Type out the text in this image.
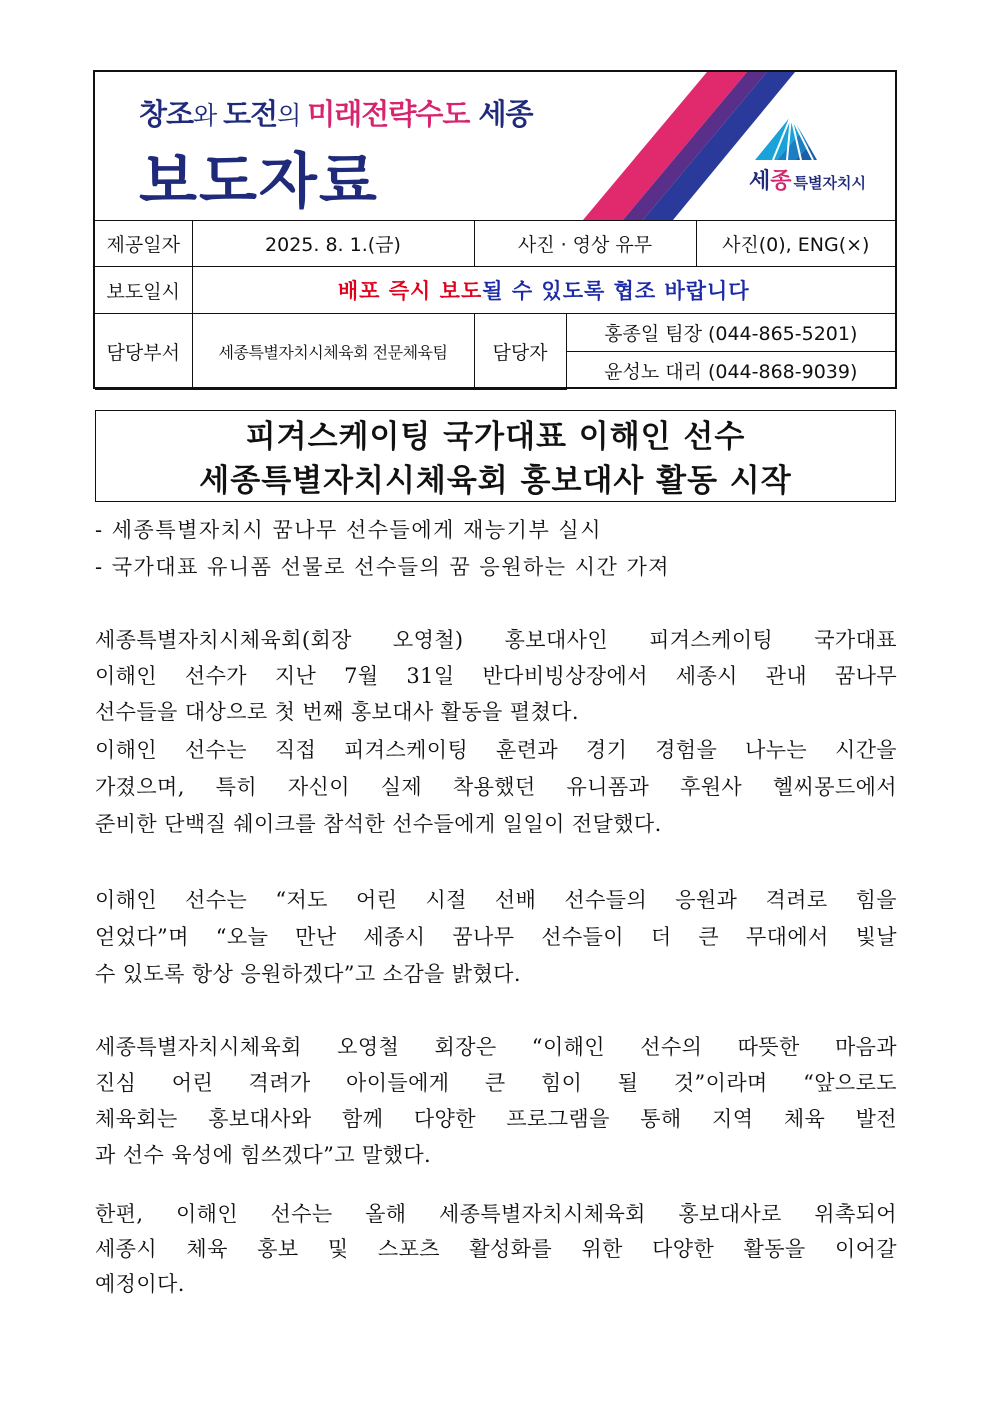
창조와 도전의 미래전략수도 세종
보도자료	세종 특별자치시
제공일자	2025. 8. 1.(금)	사진 · 영상 유무		사진(0), ENG(×)
보도일시	배포 즉시 보도될 수 있도록 협조 바랍니다			
담당부서	세종특별자치시체육회 전문체육팀	담당자	홍종일 팀장 (044-865-5201)	
			윤성노 대리 (044-868-9039)	
피겨스케이팅 국가대표 이해인 선수
세종특별자치시체육회 홍보대사 활동 시작
- 세종특별자치시 꿈나무 선수들에게 재능기부 실시
- 국가대표 유니폼 선물로 선수들의 꿈 응원하는 시간 가져
세종특별자치시체육회(회장 오영철) 홍보대사인 피겨스케이팅 국가대표
이해인 선수가 지난 7월 31일 반다비빙상장에서 세종시 관내 꿈나무
선수들을 대상으로 첫 번째 홍보대사 활동을 펼쳤다.
이해인 선수는 직접 피겨스케이팅 훈련과 경기 경험을 나누는 시간을
가졌으며, 특히 자신이 실제 착용했던 유니폼과 후원사 헬씨몽드에서
준비한 단백질 쉐이크를 참석한 선수들에게 일일이 전달했다.
이해인 선수는 “저도 어린 시절 선배 선수들의 응원과 격려로 힘을
얻었다”며 “오늘 만난 세종시 꿈나무 선수들이 더 큰 무대에서 빛날
수 있도록 항상 응원하겠다”고 소감을 밝혔다.
세종특별자치시체육회 오영철 회장은 “이해인 선수의 따뜻한 마음과
진심 어린 격려가 아이들에게 큰 힘이 될 것”이라며 “앞으로도
체육회는 홍보대사와 함께 다양한 프로그램을 통해 지역 체육 발전
과 선수 육성에 힘쓰겠다”고 말했다.
한편, 이해인 선수는 올해 세종특별자치시체육회 홍보대사로 위촉되어
세종시 체육 홍보 및 스포츠 활성화를 위한 다양한 활동을 이어갈
예정이다.
